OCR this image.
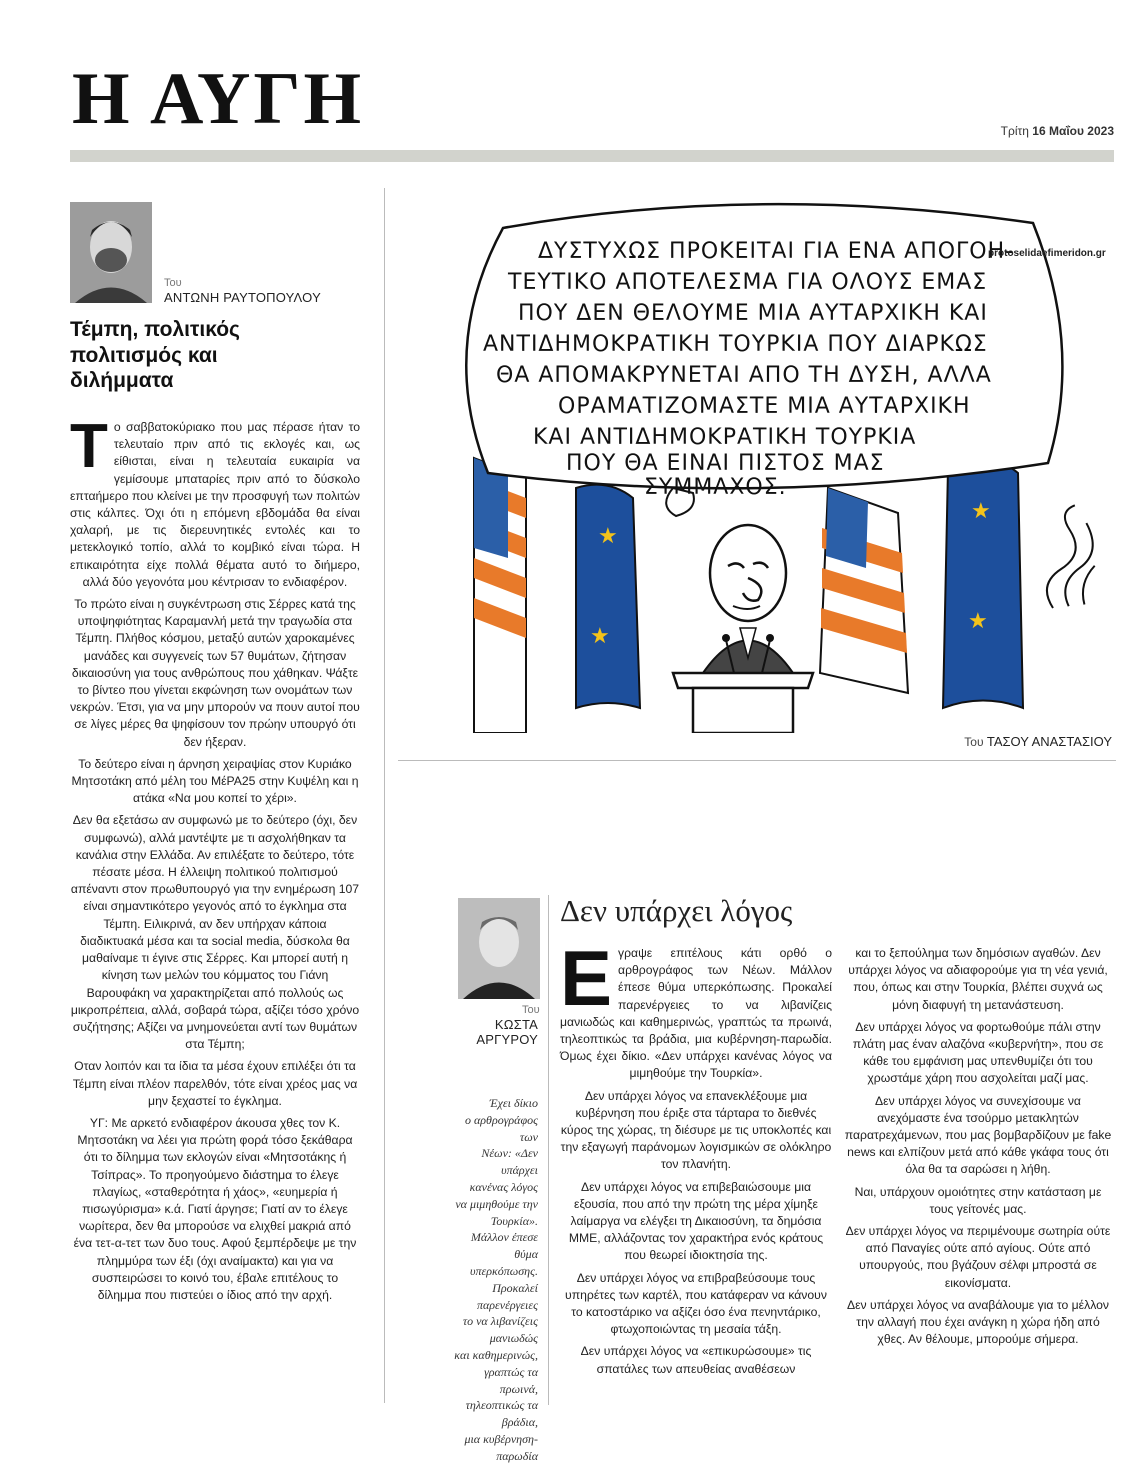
Η ΑΥΓΗ	Τρίτη 16 Μαΐου 2023
Του
ΑΝΤΩΝΗ ΡΑΥΤΟΠΟΥΛΟΥ
Τέμπη, πολιτικός πολιτισμός και διλήμματα

Το σαββατοκύριακο που μας πέρασε ήταν το τελευταίο πριν από τις εκλογές και, ως είθισται, είναι η τελευταία ευκαιρία να γεμίσουμε μπαταρίες πριν από το δύσκολο επταήμερο που κλείνει με την προσφυγή των πολιτών στις κάλπες. Όχι ότι η επόμενη εβδομάδα θα είναι χαλαρή, με τις διερευνητικές εντολές και το μετεκλογικό τοπίο, αλλά το κομβικό είναι τώρα. Η επικαιρότητα είχε πολλά θέματα αυτό το διήμερο, αλλά δύο γεγονότα μου κέντρισαν το ενδιαφέρον.

Το πρώτο είναι η συγκέντρωση στις Σέρρες κατά της υποψηφιότητας Καραμανλή μετά την τραγωδία στα Τέμπη. Πλήθος κόσμου, μεταξύ αυτών χαροκαμένες μανάδες και συγγενείς των 57 θυμάτων, ζήτησαν δικαιοσύνη για τους ανθρώπους που χάθηκαν. Ψάξτε το βίντεο που γίνεται εκφώνηση των ονομάτων των νεκρών. Έτσι, για να μην μπορούν να πουν αυτοί που σε λίγες μέρες θα ψηφίσουν τον πρώην υπουργό ότι δεν ήξεραν.

Το δεύτερο είναι η άρνηση χειραψίας στον Κυριάκο Μητσοτάκη από μέλη του ΜέΡΑ25 στην Κυψέλη και η ατάκα «Να μου κοπεί το χέρι».

Δεν θα εξετάσω αν συμφωνώ με το δεύτερο (όχι, δεν συμφωνώ), αλλά μαντέψτε με τι ασχολήθηκαν τα κανάλια στην Ελλάδα. Αν επιλέξατε το δεύτερο, τότε πέσατε μέσα. Η έλλειψη πολιτικού πολιτισμού απέναντι στον πρωθυπουργό για την ενημέρωση 107 είναι σημαντικότερο γεγονός από το έγκλημα στα Τέμπη. Ειλικρινά, αν δεν υπήρχαν κάποια διαδικτυακά μέσα και τα social media, δύσκολα θα μαθαίναμε τι έγινε στις Σέρρες. Και μπορεί αυτή η κίνηση των μελών του κόμματος του Γιάνη Βαρουφάκη να χαρακτηρίζεται από πολλούς ως μικροπρέπεια, αλλά, σοβαρά τώρα, αξίζει τόσο χρόνο συζήτησης; Αξίζει να μνημονεύεται αντί των θυμάτων στα Τέμπη;

Οταν λοιπόν και τα ίδια τα μέσα έχουν επιλέξει ότι τα Τέμπη είναι πλέον παρελθόν, τότε είναι χρέος μας να μην ξεχαστεί το έγκλημα.

ΥΓ: Με αρκετό ενδιαφέρον άκουσα χθες τον Κ. Μητσοτάκη να λέει για πρώτη φορά τόσο ξεκάθαρα ότι το δίλημμα των εκλογών είναι «Μητσοτάκης ή Τσίπρας». Το προηγούμενο διάστημα το έλεγε πλαγίως, «σταθερότητα ή χάος», «ευημερία ή πισωγύρισμα» κ.ά. Γιατί άργησε; Γιατί αν το έλεγε νωρίτερα, δεν θα μπορούσε να ελιχθεί μακριά από ένα τετ-α-τετ των δυο τους. Αφού ξεμπέρδεψε με την πλημμύρα των έξι (όχι αναίμακτα) και για να συσπειρώσει το κοινό του, έβαλε επιτέλους το δίλημμα που πιστεύει ο ίδιος από την αρχή.

★
★
★
★
ΔΥΣΤΥΧΩΣ ΠΡΟΚΕΙΤΑΙ ΓΙΑ ΕΝΑ ΑΠΟΓΟΗ-
ΤΕΥΤΙΚΟ ΑΠΟΤΕΛΕΣΜΑ ΓΙΑ ΟΛΟΥΣ ΕΜΑΣ
ΠΟΥ ΔΕΝ ΘΕΛΟΥΜΕ ΜΙΑ ΑΥΤΑΡΧΙΚΗ ΚΑΙ
ΑΝΤΙΔΗΜΟΚΡΑΤΙΚΗ ΤΟΥΡΚΙΑ ΠΟΥ ΔΙΑΡΚΩΣ
ΘΑ ΑΠΟΜΑΚΡΥΝΕΤΑΙ ΑΠΟ ΤΗ ΔΥΣΗ, ΑΛΛΑ
ΟΡΑΜΑΤΙΖΟΜΑΣΤΕ ΜΙΑ ΑΥΤΑΡΧΙΚΗ
ΚΑΙ ΑΝΤΙΔΗΜΟΚΡΑΤΙΚΗ ΤΟΥΡΚΙΑ
ΠΟΥ ΘΑ ΕΙΝΑΙ ΠΙΣΤΟΣ ΜΑΣ
ΣΥΜΜΑΧΟΣ.
protoselidaefimeridon.gr
Του ΤΑΣΟΥ ΑΝΑΣΤΑΣΙΟΥ
Του
ΚΩΣΤΑ
ΑΡΓΥΡΟΥ

Έχει δίκιο

ο αρθρογράφος των

Νέων: «Δεν υπάρχει

κανένας λόγος

να μιμηθούμε την

Τουρκία».

Μάλλον έπεσε θύμα

υπερκόπωσης.

Προκαλεί παρενέργειες

το να λιβανίζεις

μανιωδώς

και καθημερινώς,

γραπτώς τα πρωινά,

τηλεοπτικώς τα βράδια,

μια κυβέρνηση-παρωδία

Δεν υπάρχει λόγος

Εγραψε επιτέλους κάτι ορθό ο αρθρογράφος των Νέων. Μάλλον έπεσε θύμα υπερκόπωσης. Προκαλεί παρενέργειες το να λιβανίζεις μανιωδώς και καθημερινώς, γραπτώς τα πρωινά, τηλεοπτικώς τα βράδια, μια κυβέρνηση-παρωδία. Όμως έχει δίκιο. «Δεν υπάρχει κανένας λόγος να μιμηθούμε την Τουρκία».

Δεν υπάρχει λόγος να επανεκλέξουμε μια κυβέρνηση που έριξε στα τάρταρα το διεθνές κύρος της χώρας, τη διέσυρε με τις υποκλοπές και την εξαγωγή παράνομων λογισμικών σε ολόκληρο τον πλανήτη.

Δεν υπάρχει λόγος να επιβεβαιώσουμε μια εξουσία, που από την πρώτη της μέρα χίμηξε λαίμαργα να ελέγξει τη Δικαιοσύνη, τα δημόσια ΜΜΕ, αλλάζοντας τον χαρακτήρα ενός κράτους που θεωρεί ιδιοκτησία της.

Δεν υπάρχει λόγος να επιβραβεύσουμε τους υπηρέτες των καρτέλ, που κατάφεραν να κάνουν το κατοστάρικο να αξίζει όσο ένα πενηντάρικο, φτωχοποιώντας τη μεσαία τάξη.

Δεν υπάρχει λόγος να «επικυρώσουμε» τις σπατάλες των απευθείας αναθέσεων

και το ξεπούλημα των δημόσιων αγαθών. Δεν υπάρχει λόγος να αδιαφορούμε για τη νέα γενιά, που, όπως και στην Τουρκία, βλέπει συχνά ως μόνη διαφυγή τη μετανάστευση.

Δεν υπάρχει λόγος να φορτωθούμε πάλι στην πλάτη μας έναν αλαζόνα «κυβερνήτη», που σε κάθε του εμφάνιση μας υπενθυμίζει ότι του χρωστάμε χάρη που ασχολείται μαζί μας.

Δεν υπάρχει λόγος να συνεχίσουμε να ανεχόμαστε ένα τσούρμο μετακλητών παρατρεχάμενων, που μας βομβαρδίζουν με fake news και ελπίζουν μετά από κάθε γκάφα τους ότι όλα θα τα σαρώσει η λήθη.

Ναι, υπάρχουν ομοιότητες στην κατάσταση με τους γείτονές μας.

Δεν υπάρχει λόγος να περιμένουμε σωτηρία ούτε από Παναγίες ούτε από αγίους. Ούτε από υπουργούς, που βγάζουν σέλφι μπροστά σε εικονίσματα.

Δεν υπάρχει λόγος να αναβάλουμε για το μέλλον την αλλαγή που έχει ανάγκη η χώρα ήδη από χθες. Αν θέλουμε, μπορούμε σήμερα.
